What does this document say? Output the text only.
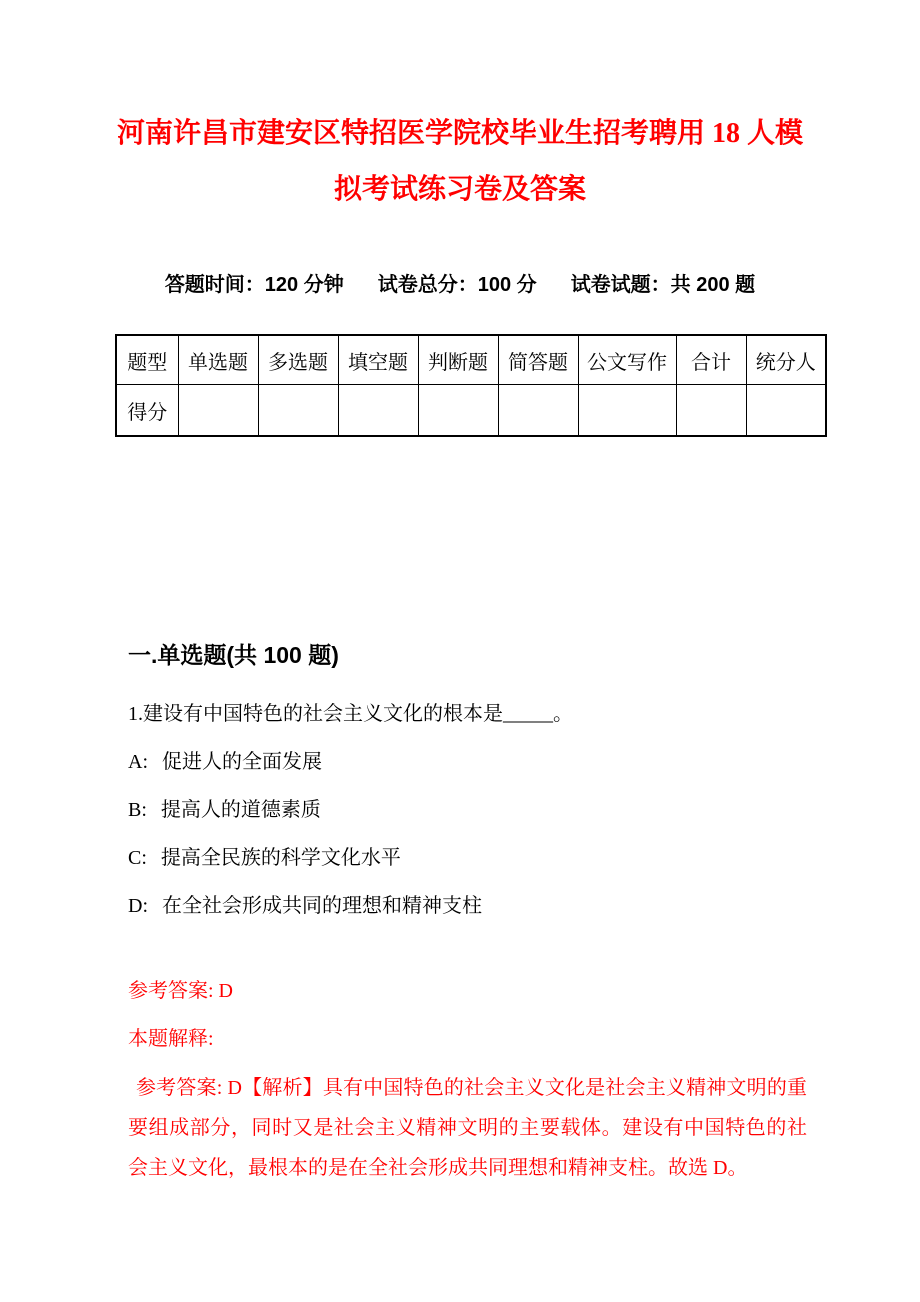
河南许昌市建安区特招医学院校毕业生招考聘用 18 人模拟考试练习卷及答案
答题时间：120 分钟 试卷总分：100 分 试卷试题：共 200 题
题型	单选题	多选题	填空题	判断题	简答题	公文写作	合计	统分人
得分								
一.单选题(共 100 题)

1.建设有中国特色的社会主义文化的根本是_____。

A: 促进人的全面发展

B: 提高人的道德素质

C: 提高全民族的科学文化水平

D: 在全社会形成共同的理想和精神支柱

参考答案: D

本题解释:

参考答案: D【解析】具有中国特色的社会主义文化是社会主义精神文明的重要组成部分，同时又是社会主义精神文明的主要载体。建设有中国特色的社会主义文化，最根本的是在全社会形成共同理想和精神支柱。故选 D。
